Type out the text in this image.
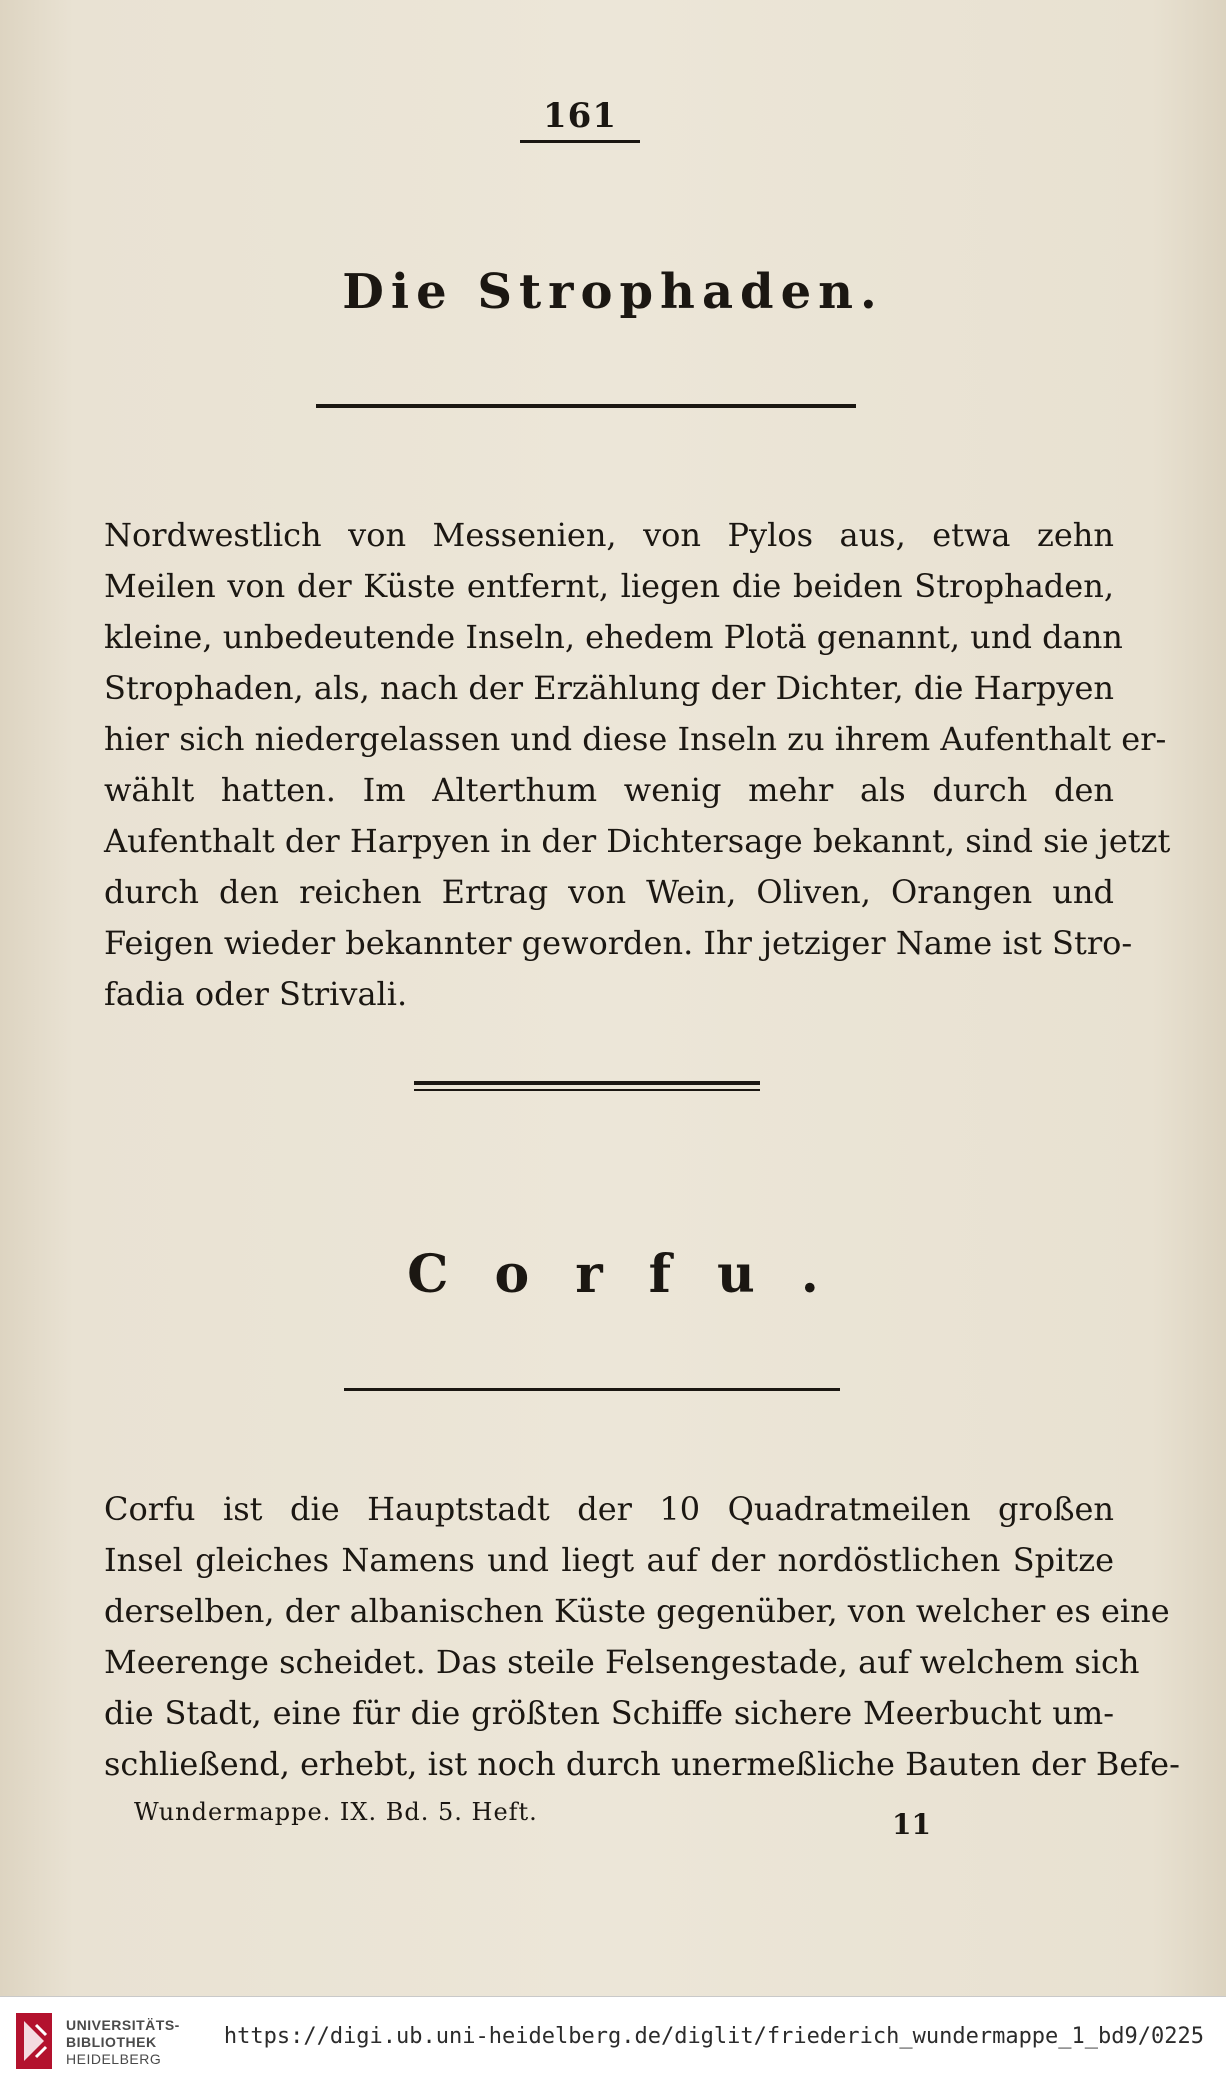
161
Die Strophaden.
Nordwestlich von Messenien, von Pylos aus, etwa zehn
Meilen von der Küste entfernt, liegen die beiden Strophaden,
kleine, unbedeutende Inseln, ehedem Plotä genannt, und dann
Strophaden, als, nach der Erzählung der Dichter, die Harpyen
hier sich niedergelassen und diese Inseln zu ihrem Aufenthalt er-
wählt hatten. Im Alterthum wenig mehr als durch den
Aufenthalt der Harpyen in der Dichtersage bekannt, sind sie jetzt
durch den reichen Ertrag von Wein, Oliven, Orangen und
Feigen wieder bekannter geworden. Ihr jetziger Name ist Stro-
fadia oder Strivali.
Corfu.
Corfu ist die Hauptstadt der 10 Quadratmeilen großen
Insel gleiches Namens und liegt auf der nordöstlichen Spitze
derselben, der albanischen Küste gegenüber, von welcher es eine
Meerenge scheidet. Das steile Felsengestade, auf welchem sich
die Stadt, eine für die größten Schiffe sichere Meerbucht um-
schließend, erhebt, ist noch durch unermeßliche Bauten der Befe-
Wundermappe. IX. Bd. 5. Heft.	11
UNIVERSITÄTS-
BIBLIOTHEK
HEIDELBERG
https://digi.ub.uni-heidelberg.de/diglit/friederich_wundermappe_1_bd9/0225
